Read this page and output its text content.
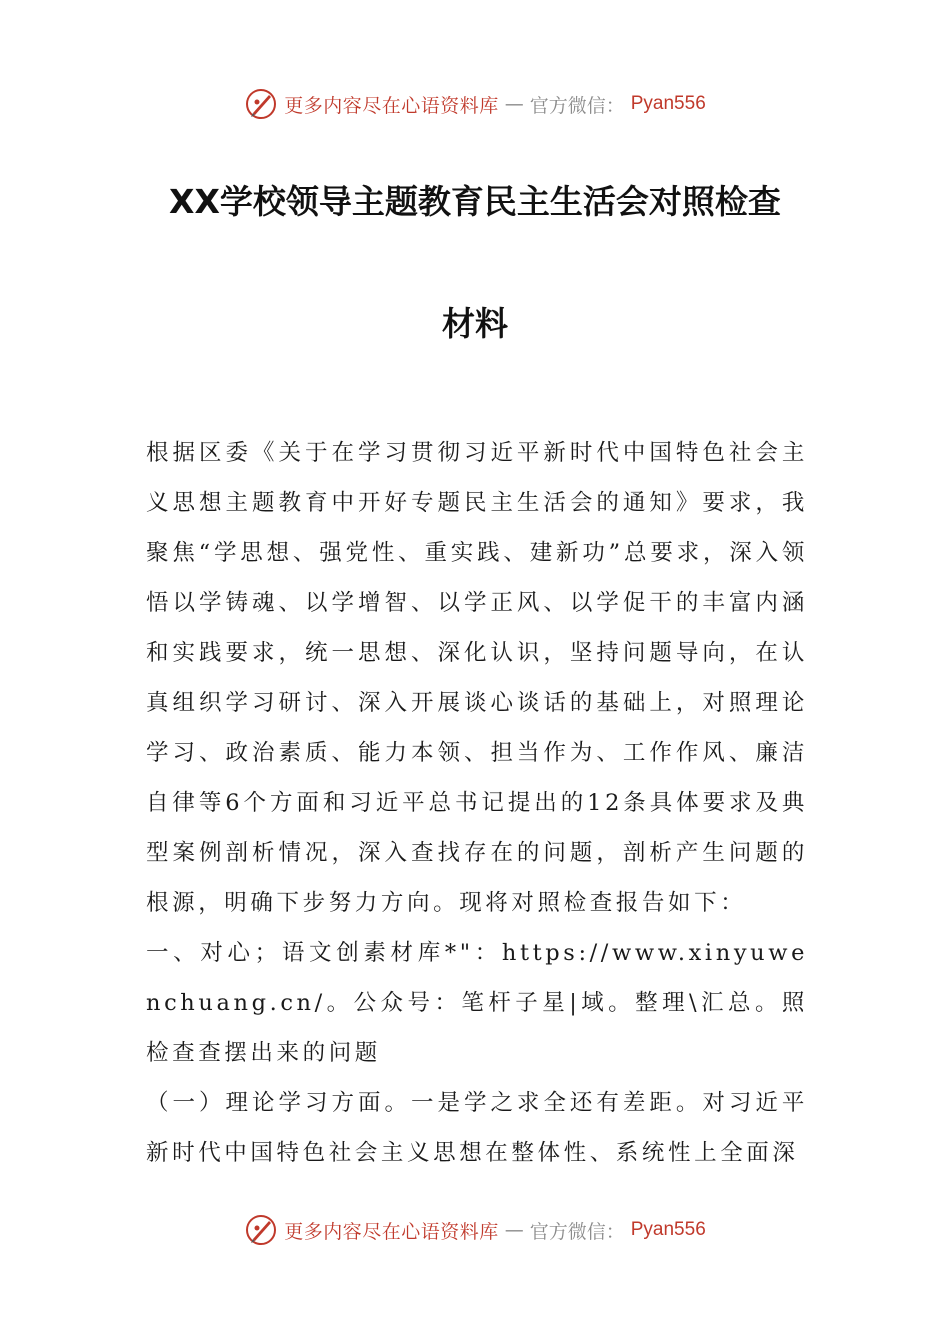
更多内容尽在心语资料库 — 官方微信： Pyan556
XX学校领导主题教育民主生活会对照检查
材料

根据区委《关于在学习贯彻习近平新时代中国特色社会主义思想主题教育中开好专题民主生活会的通知》要求，我聚焦“学思想、强党性、重实践、建新功”总要求，深入领悟以学铸魂、以学增智、以学正风、以学促干的丰富内涵和实践要求，统一思想、深化认识，坚持问题导向，在认真组织学习研讨、深入开展谈心谈话的基础上，对照理论学习、政治素质、能力本领、担当作为、工作作风、廉洁自律等6个方面和习近平总书记提出的12条具体要求及典型案例剖析情况，深入查找存在的问题，剖析产生问题的根源，明确下步努力方向。现将对照检查报告如下：

一、对心；语文创素材库*"：https://www.xinyuwenchuang.cn/。公众号：笔杆子星|域。整理\汇总。照检查查摆出来的问题

（一）理论学习方面。一是学之求全还有差距。对习近平新时代中国特色社会主义思想在整体性、系统性上全面深

更多内容尽在心语资料库 — 官方微信： Pyan556
